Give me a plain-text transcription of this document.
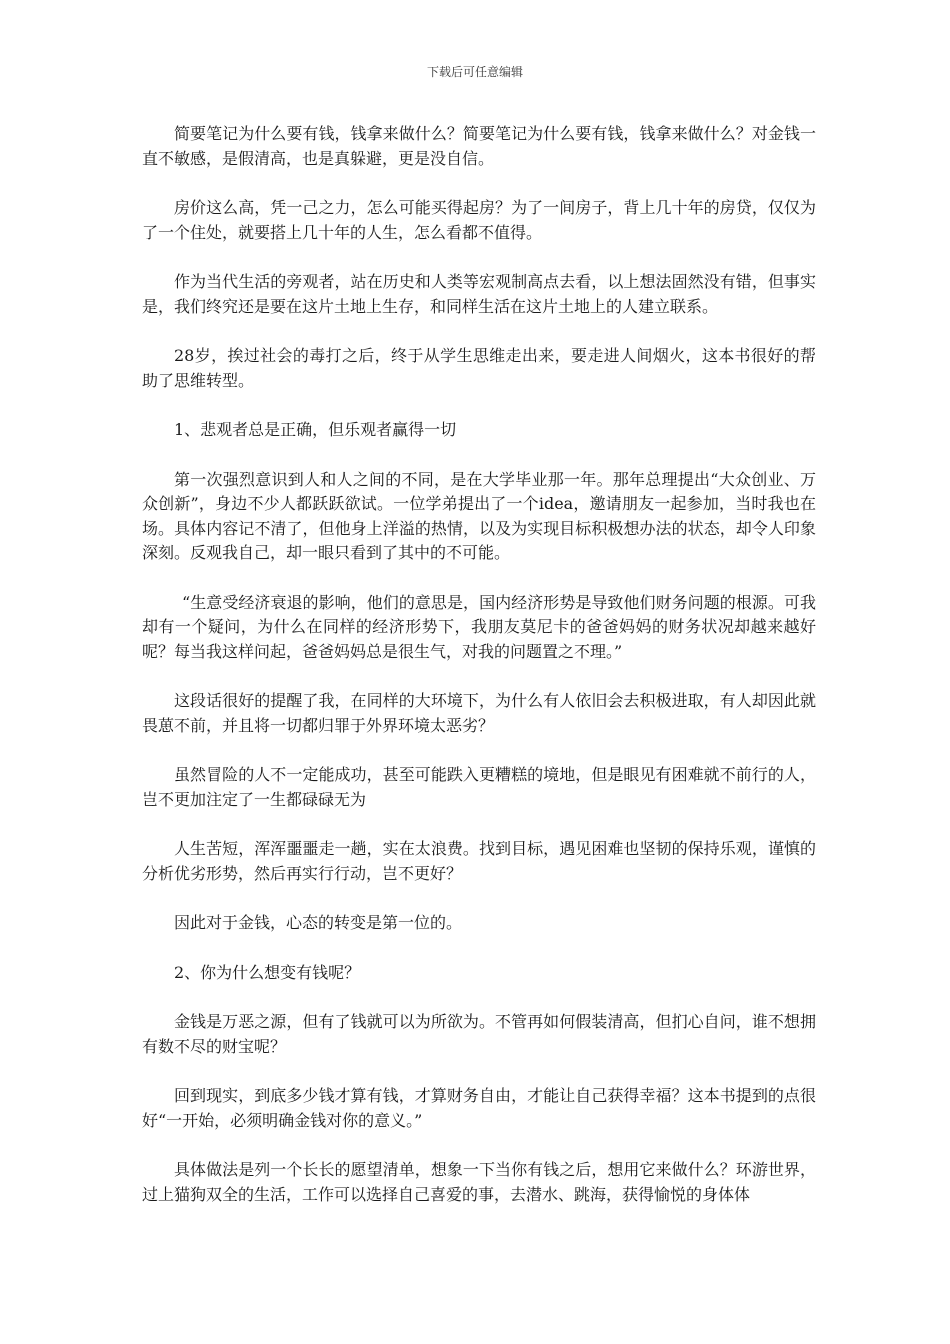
下载后可任意编辑

简要笔记为什么要有钱，钱拿来做什么？简要笔记为什么要有钱，钱拿来做什么？对金钱一直不敏感，是假清高，也是真躲避，更是没自信。

房价这么高，凭一己之力，怎么可能买得起房？为了一间房子，背上几十年的房贷，仅仅为了一个住处，就要搭上几十年的人生，怎么看都不值得。

作为当代生活的旁观者，站在历史和人类等宏观制高点去看，以上想法固然没有错，但事实是，我们终究还是要在这片土地上生存，和同样生活在这片土地上的人建立联系。

28岁，挨过社会的毒打之后，终于从学生思维走出来，要走进人间烟火，这本书很好的帮助了思维转型。

1、悲观者总是正确，但乐观者赢得一切

第一次强烈意识到人和人之间的不同，是在大学毕业那一年。那年总理提出“大众创业、万众创新”，身边不少人都跃跃欲试。一位学弟提出了一个idea，邀请朋友一起参加，当时我也在场。具体内容记不清了，但他身上洋溢的热情，以及为实现目标积极想办法的状态，却令人印象深刻。反观我自己，却一眼只看到了其中的不可能。

“生意受经济衰退的影响，他们的意思是，国内经济形势是导致他们财务问题的根源。可我却有一个疑问，为什么在同样的经济形势下，我朋友莫尼卡的爸爸妈妈的财务状况却越来越好呢？每当我这样问起，爸爸妈妈总是很生气，对我的问题置之不理。”

这段话很好的提醒了我，在同样的大环境下，为什么有人依旧会去积极进取，有人却因此就畏葸不前，并且将一切都归罪于外界环境太恶劣？

虽然冒险的人不一定能成功，甚至可能跌入更糟糕的境地，但是眼见有困难就不前行的人，岂不更加注定了一生都碌碌无为

人生苦短，浑浑噩噩走一趟，实在太浪费。找到目标，遇见困难也坚韧的保持乐观，谨慎的分析优劣形势，然后再实行行动，岂不更好？

因此对于金钱，心态的转变是第一位的。

2、你为什么想变有钱呢？

金钱是万恶之源，但有了钱就可以为所欲为。不管再如何假装清高，但扪心自问，谁不想拥有数不尽的财宝呢？

回到现实，到底多少钱才算有钱，才算财务自由，才能让自己获得幸福？这本书提到的点很好“一开始，必须明确金钱对你的意义。”

具体做法是列一个长长的愿望清单，想象一下当你有钱之后，想用它来做什么？环游世界，过上猫狗双全的生活，工作可以选择自己喜爱的事，去潜水、跳海，获得愉悦的身体体
